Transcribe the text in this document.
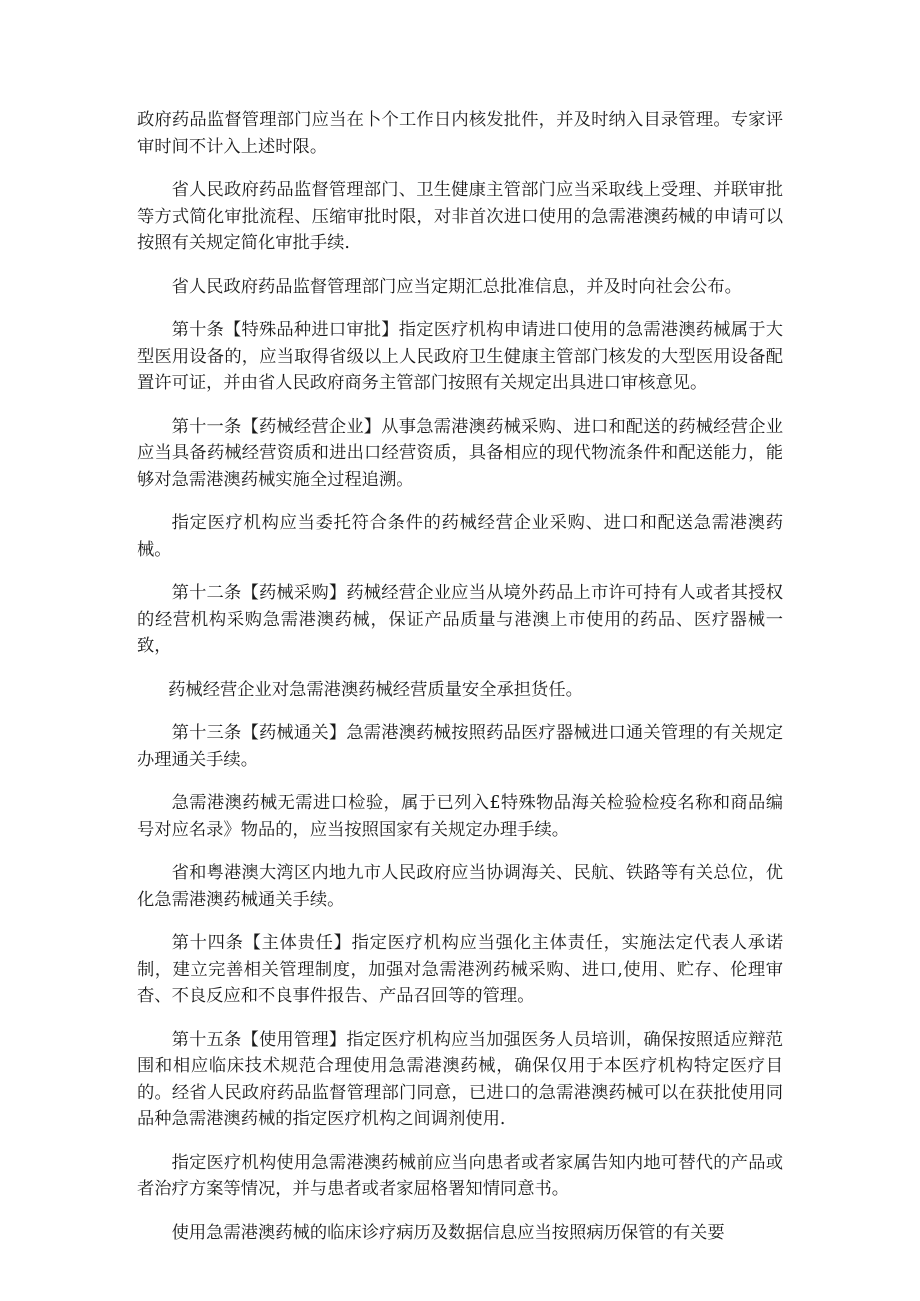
政府药品监督管理部门应当在卜个工作日内核发批件，并及时纳入目录管理。专家评审时间不计入上述时限。

省人民政府药品监督管理部门、卫生健康主管部门应当采取线上受理、并联审批等方式简化审批流程、压缩审批时限，对非首次进口使用的急需港澳药械的申请可以按照有关规定简化审批手续.

省人民政府药品监督管理部门应当定期汇总批准信息，并及时向社会公布。

第十条【特殊品种进口审批】指定医疗机构申请进口使用的急需港澳药械属于大型医用设备的，应当取得省级以上人民政府卫生健康主管部门核发的大型医用设备配置许可证，并由省人民政府商务主管部门按照有关规定出具进口审核意见。

第十一条【药械经营企业】从事急需港澳药械采购、进口和配送的药械经营企业应当具备药械经营资质和进出口经营资质，具备相应的现代物流条件和配送能力，能够对急需港澳药械实施全过程追溯。

指定医疗机构应当委托符合条件的药械经营企业采购、进口和配送急需港澳药械。

第十二条【药械采购】药械经营企业应当从境外药品上市许可持有人或者其授权的经营机构采购急需港澳药械，保证产品质量与港澳上市使用的药品、医疗器械一致，

药械经营企业对急需港澳药械经营质量安全承担货任。

第十三条【药械通关】急需港澳药械按照药品医疗器械进口通关管理的有关规定办理通关手续。

急需港澳药械无需进口检验，属于已列入£特殊物品海关检验检疫名称和商品编号对应名录》物品的，应当按照国家有关规定办理手续。

省和粤港澳大湾区内地九市人民政府应当协调海关、民航、铁路等有关总位，优化急需港澳药械通关手续。

第十四条【主体贵任】指定医疗机构应当强化主体责任，实施法定代表人承诺制，建立完善相关管理制度，加强对急需港洌药械采购、进口,使用、贮存、伦理审杳、不良反应和不良事件报告、产品召回等的管理。

第十五条【使用管理】指定医疗机构应当加强医务人员培训，确保按照适应辩范围和相应临床技术规范合理使用急需港澳药械，确保仅用于本医疗机构特定医疗目的。经省人民政府药品监督管理部门同意，已进口的急需港澳药械可以在获批使用同品种急需港澳药械的指定医疗机构之间调剂使用.

指定医疗机构使用急需港澳药械前应当向患者或者家属告知内地可替代的产品或者治疗方案等情况，并与患者或者家屈格署知情同意书。

使用急需港澳药械的临床诊疗病历及数据信息应当按照病历保管的有关要
